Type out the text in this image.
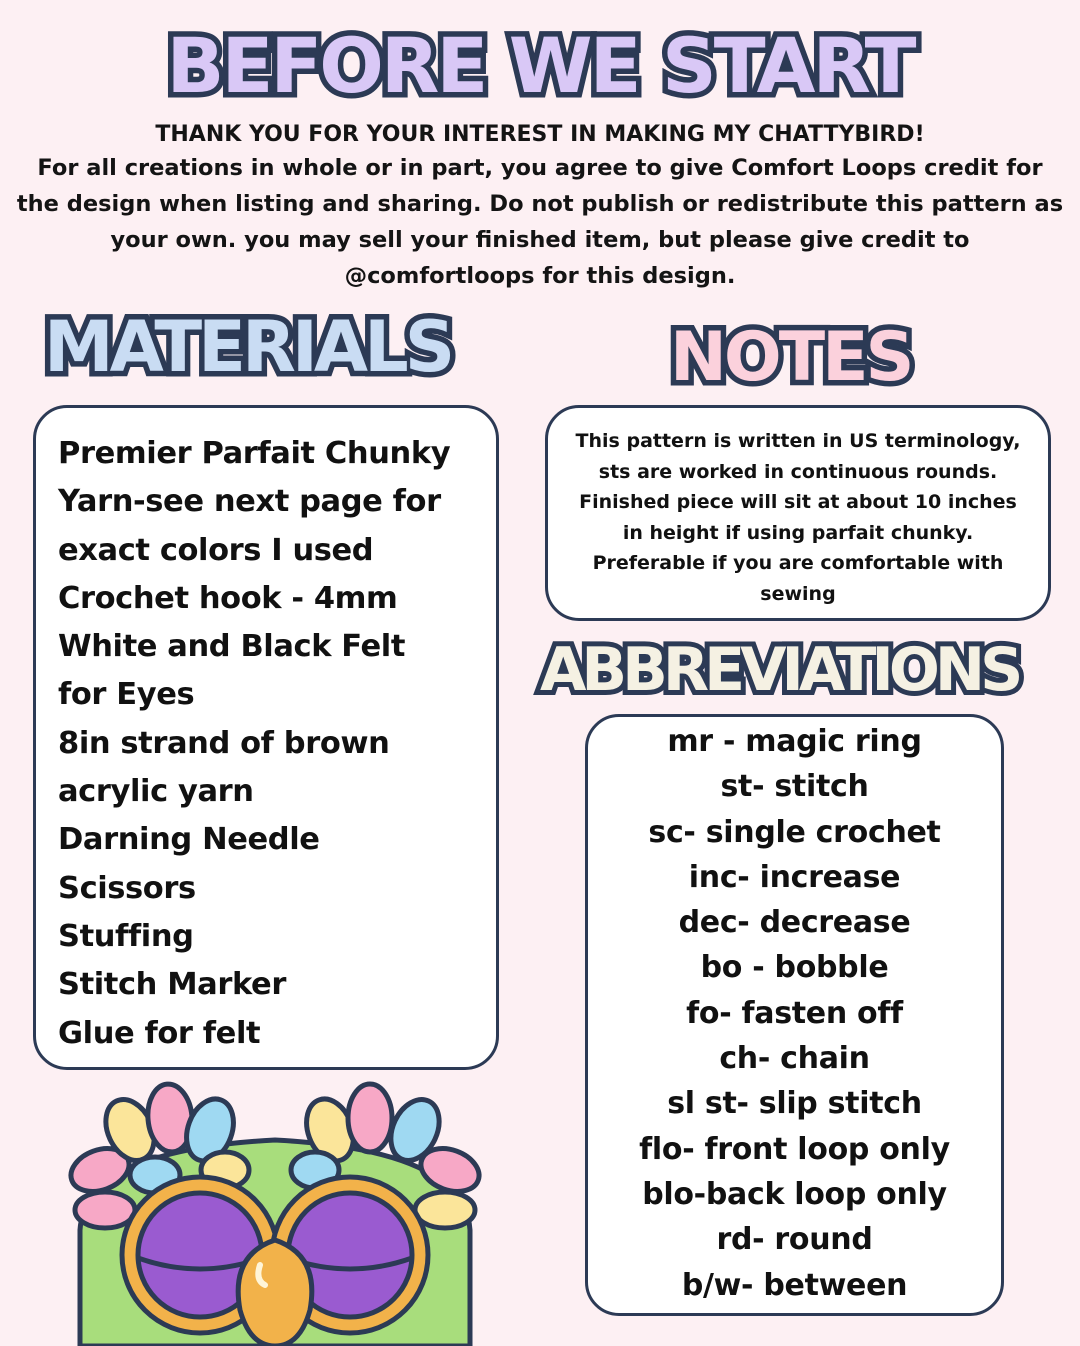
BEFORE WE START
THANK YOU FOR YOUR INTEREST IN MAKING MY CHATTYBIRD!
For all creations in whole or in part, you agree to give Comfort Loops credit for the design when listing and sharing. Do not publish or redistribute this pattern as your own. you may sell your finished item, but please give credit to @comfortloops for this design.
MATERIALS
Premier Parfait Chunky
Yarn-see next page for
exact colors I used
Crochet hook - 4mm
White and Black Felt
for Eyes
8in strand of brown
acrylic yarn
Darning Needle
Scissors
Stuffing
Stitch Marker
Glue for felt
NOTES
This pattern is written in US terminology, sts are worked in continuous rounds. Finished piece will sit at about 10 inches in height if using parfait chunky. Preferable if you are comfortable with sewing
ABBREVIATIONS
mr - magic ring
st- stitch
sc- single crochet
inc- increase
dec- decrease
bo - bobble
fo- fasten off
ch- chain
sl st- slip stitch
flo- front loop only
blo-back loop only
rd- round
b/w- between
